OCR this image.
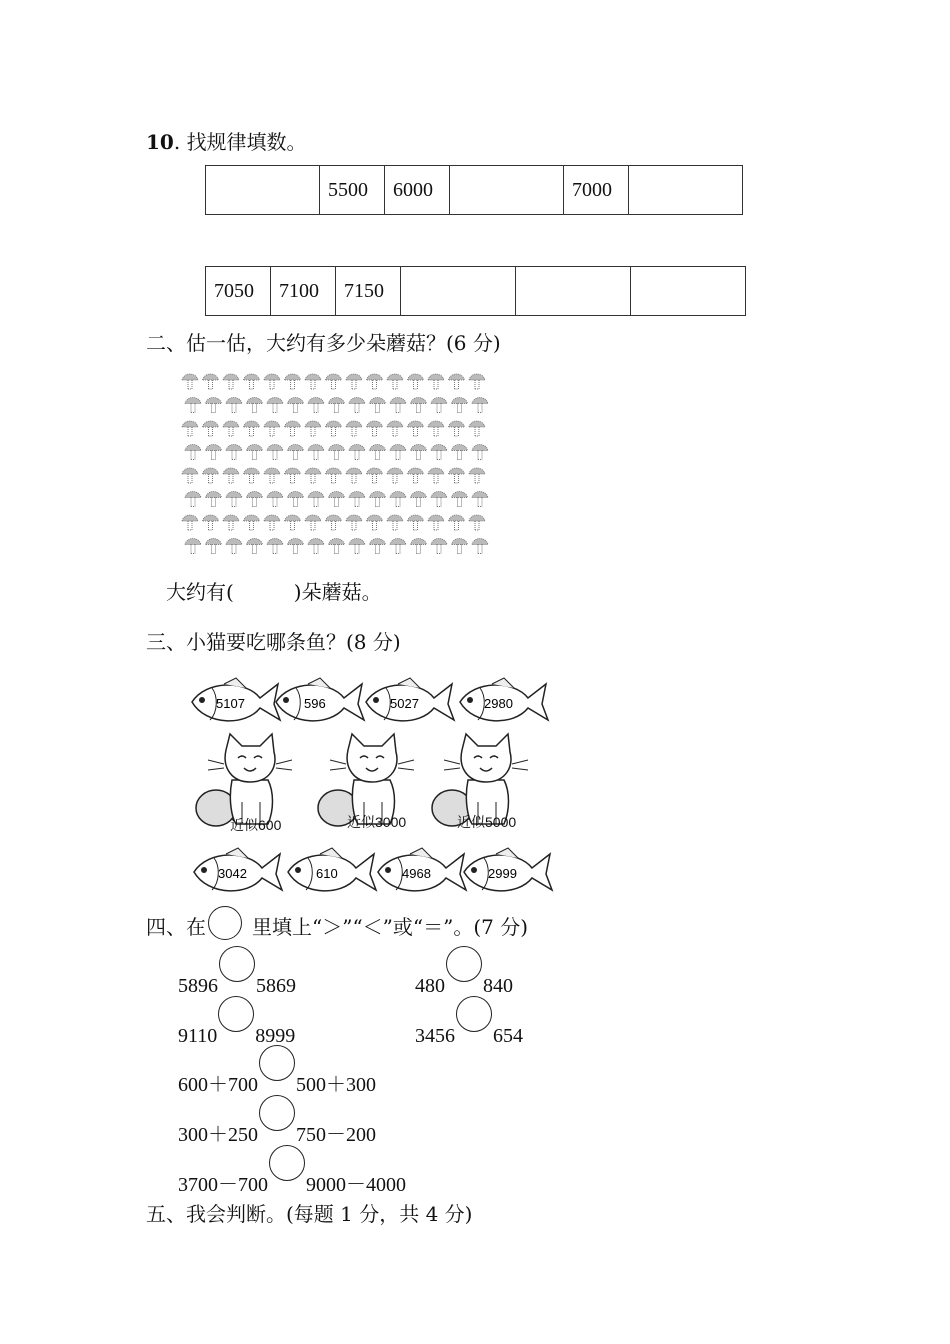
10. 找规律填数。
	5500	6000		7000	
7050	7100	7150			
二、估一估，大约有多少朵蘑菇？(6 分)
大约有(　　　)朵蘑菇。
三、小猫要吃哪条鱼？(8 分)
5107	596	5027	2980
3042	610	4968	2999
近似600	近似3000	近似5000
四、在 里填上“＞”“＜”或“＝”。(7 分)
5896 5869	480 840
9110 8999	3456 654
600＋700 500＋300
300＋250 750－200
3700－700 9000－4000
五、我会判断。(每题 1 分，共 4 分)
